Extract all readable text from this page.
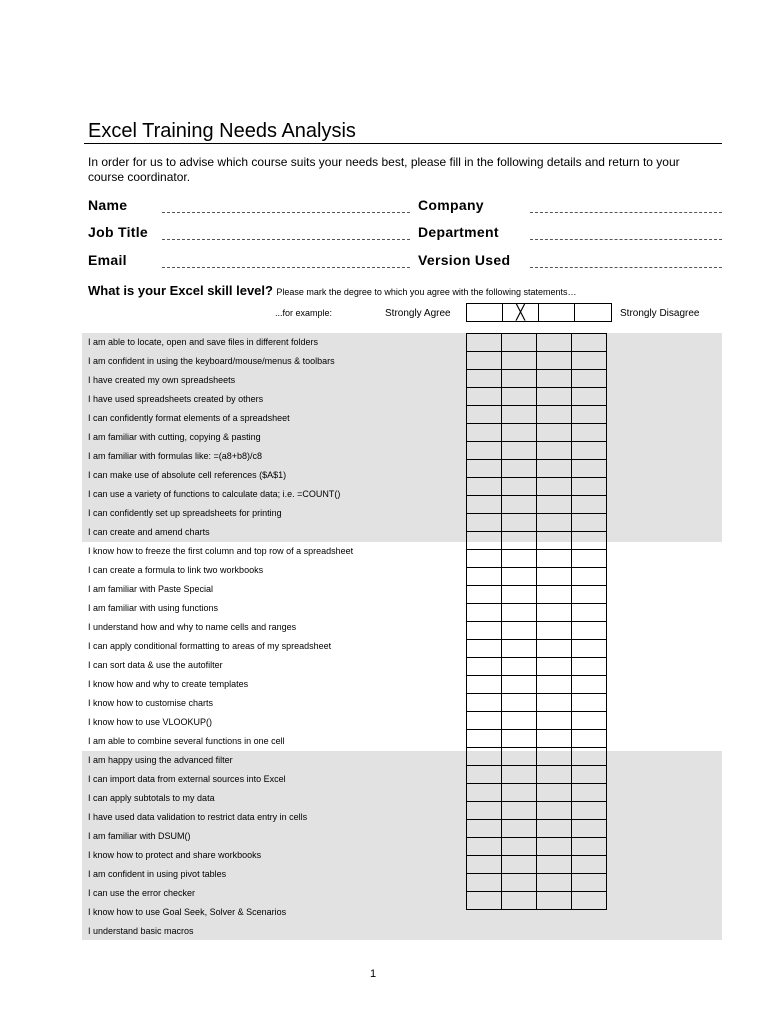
Excel Training Needs Analysis
In order for us to advise which course suits your needs best, please fill in the following details and return to your course coordinator.
Name	Company
Job Title	Department
Email	Version Used
What is your Excel skill level? Please mark the degree to which you agree with the following statements…
...for example:	Strongly Agree	╳	Strongly Disagree
I am able to locate, open and save files in different folders
I am confident in using the keyboard/mouse/menus & toolbars
I have created my own spreadsheets
I have used spreadsheets created by others
I can confidently format elements of a spreadsheet
I am familiar with cutting, copying & pasting
I am familiar with formulas like: =(a8+b8)/c8
I can make use of absolute cell references ($A$1)
I can use a variety of functions to calculate data; i.e. =COUNT()
I can confidently set up spreadsheets for printing
I can create and amend charts
I know how to freeze the first column and top row of a spreadsheet
I can create a formula to link two workbooks
I am familiar with Paste Special
I am familiar with using functions
I understand how and why to name cells and ranges
I can apply conditional formatting to areas of my spreadsheet
I can sort data & use the autofilter
I know how and why to create templates
I know how to customise charts
I know how to use VLOOKUP()
I am able to combine several functions in one cell
I am happy using the advanced filter
I can import data from external sources into Excel
I can apply subtotals to my data
I have used data validation to restrict data entry in cells
I am familiar with DSUM()
I know how to protect and share workbooks
I am confident in using pivot tables
I can use the error checker
I know how to use Goal Seek, Solver & Scenarios
I understand basic macros

1
